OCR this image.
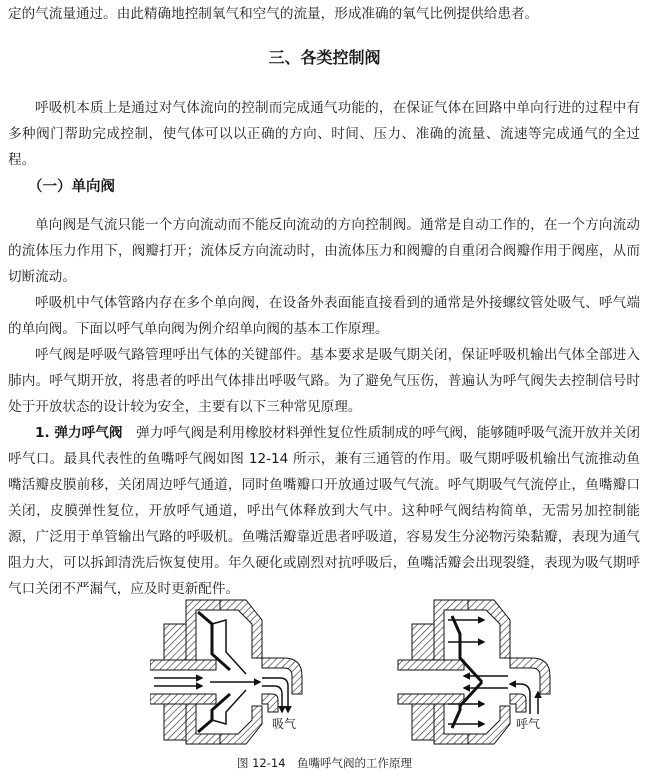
定的气流量通过。由此精确地控制氧气和空气的流量，形成准确的氧气比例提供给患者。

三、各类控制阀

呼吸机本质上是通过对气体流向的控制而完成通气功能的，在保证气体在回路中单向行进的过程中有多种阀门帮助完成控制，使气体可以以正确的方向、时间、压力、准确的流量、流速等完成通气的全过程。

（一）单向阀

单向阀是气流只能一个方向流动而不能反向流动的方向控制阀。通常是自动工作的，在一个方向流动的流体压力作用下，阀瓣打开；流体反方向流动时，由流体压力和阀瓣的自重闭合阀瓣作用于阀座，从而切断流动。

呼吸机中气体管路内存在多个单向阀，在设备外表面能直接看到的通常是外接螺纹管处吸气、呼气端的单向阀。下面以呼气单向阀为例介绍单向阀的基本工作原理。

呼气阀是呼吸气路管理呼出气体的关键部件。基本要求是吸气期关闭，保证呼吸机输出气体全部进入肺内。呼气期开放，将患者的呼出气体排出呼吸气路。为了避免气压伤，普遍认为呼气阀失去控制信号时处于开放状态的设计较为安全，主要有以下三种常见原理。

1. 弹力呼气阀　 弹力呼气阀是利用橡胶材料弹性复位性质制成的呼气阀，能够随呼吸气流开放并关闭呼气口。最具代表性的鱼嘴呼气阀如图 12-14 所示，兼有三通管的作用。吸气期呼吸机输出气流推动鱼嘴活瓣皮膜前移，关闭周边呼气通道，同时鱼嘴瓣口开放通过吸气气流。呼气期吸气气流停止，鱼嘴瓣口关闭，皮膜弹性复位，开放呼气通道，呼出气体释放到大气中。这种呼气阀结构简单，无需另加控制能源，广泛用于单管输出气路的呼吸机。鱼嘴活瓣靠近患者呼吸道，容易发生分泌物污染黏瓣，表现为通气阻力大，可以拆卸清洗后恢复使用。年久硬化或剧烈对抗呼吸后，鱼嘴活瓣会出现裂缝，表现为吸气期呼气口关闭不严漏气，应及时更新配件。

吸气	呼气

图 12-14　 鱼嘴呼气阀的工作原理
